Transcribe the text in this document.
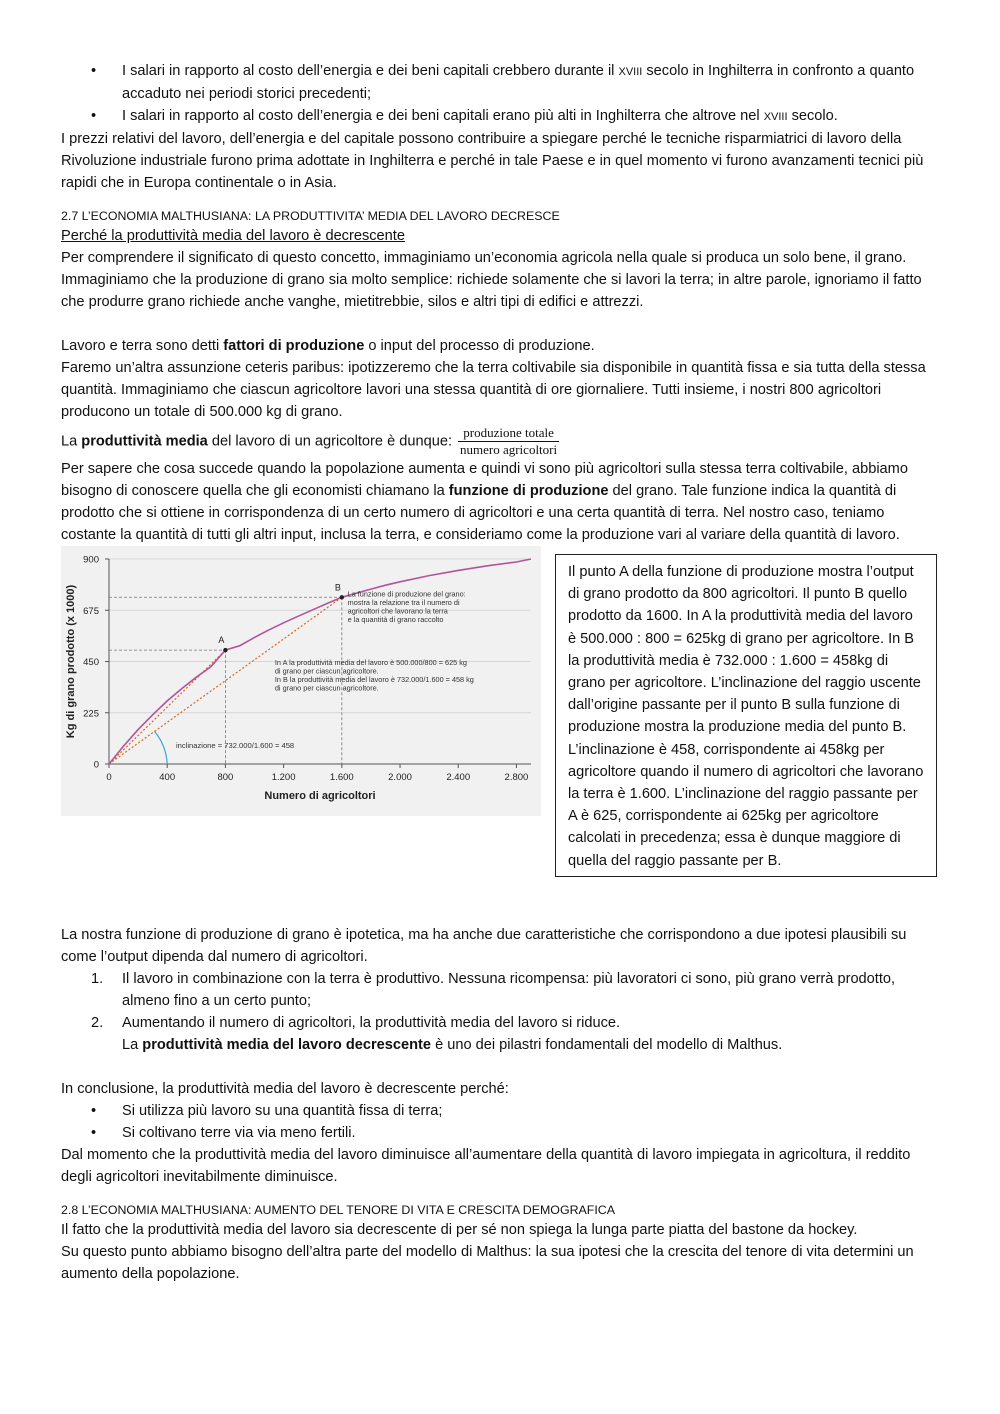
• I salari in rapporto al costo dell’energia e dei beni capitali crebbero durante il XVIII secolo in Inghilterra in confronto a quanto accaduto nei periodi storici precedenti;
• I salari in rapporto al costo dell’energia e dei beni capitali erano più alti in Inghilterra che altrove nel XVIII secolo.

I prezzi relativi del lavoro, dell’energia e del capitale possono contribuire a spiegare perché le tecniche risparmiatrici di lavoro della Rivoluzione industriale furono prima adottate in Inghilterra e perché in tale Paese e in quel momento vi furono avanzamenti tecnici più rapidi che in Europa continentale o in Asia.

2.7 L’ECONOMIA MALTHUSIANA: LA PRODUTTIVITA’ MEDIA DEL LAVORO DECRESCE

Perché la produttività media del lavoro è decrescente

Per comprendere il significato di questo concetto, immaginiamo un’economia agricola nella quale si produca un solo bene, il grano. Immaginiamo che la produzione di grano sia molto semplice: richiede solamente che si lavori la terra; in altre parole, ignoriamo il fatto che produrre grano richiede anche vanghe, mietitrebbie, silos e altri tipi di edifici e attrezzi.

Lavoro e terra sono detti fattori di produzione o input del processo di produzione.

Faremo un’altra assunzione ceteris paribus: ipotizzeremo che la terra coltivabile sia disponibile in quantità fissa e sia tutta della stessa quantità. Immaginiamo che ciascun agricoltore lavori una stessa quantità di ore giornaliere. Tutti insieme, i nostri 800 agricoltori producono un totale di 500.000 kg di grano.

La produttività media del lavoro di un agricoltore è dunque: $\frac{\text{produzione totale}}{\text{numero agricoltori}}$

Per sapere che cosa succede quando la popolazione aumenta e quindi vi sono più agricoltori sulla stessa terra coltivabile, abbiamo bisogno di conoscere quella che gli economisti chiamano la funzione di produzione del grano. Tale funzione indica la quantità di prodotto che si ottiene in corrispondenza di un certo numero di agricoltori e una certa quantità di terra. Nel nostro caso, teniamo costante la quantità di tutti gli altri input, inclusa la terra, e consideriamo come la produzione vari al variare della quantità di lavoro.

0	400	800	1.200	1.600	2.000	2.400	2.800
0
225
450
675
900
Numero di agricoltori
Kg di grano prodotto (x 1000)	A
B
La funzione di produzione del grano:
mostra la relazione tra il numero di
agricoltori che lavorano la terra
e la quantità di grano raccolto
In A la produttività media del lavoro è 500.000/800 = 625 kg
di grano per ciascun agricoltore.
In B la produttività media del lavoro è 732.000/1.600 = 458 kg
di grano per ciascun agricoltore.
inclinazione = 732.000/1.600 = 458
Il punto A della funzione di produzione mostra l’output di grano prodotto da 800 agricoltori. Il punto B quello prodotto da 1600. In A la produttività media del lavoro è 500.000 : 800 = 625kg di grano per agricoltore. In B la produttività media è 732.000 : 1.600 = 458kg di grano per agricoltore. L’inclinazione del raggio uscente dall’origine passante per il punto B sulla funzione di produzione mostra la produzione media del punto B. L’inclinazione è 458, corrispondente ai 458kg per agricoltore quando il numero di agricoltori che lavorano la terra è 1.600. L’inclinazione del raggio passante per A è 625, corrispondente ai 625kg per agricoltore calcolati in precedenza; essa è dunque maggiore di quella del raggio passante per B.

La nostra funzione di produzione di grano è ipotetica, ma ha anche due caratteristiche che corrispondono a due ipotesi plausibili su come l’output dipenda dal numero di agricoltori.

1. Il lavoro in combinazione con la terra è produttivo. Nessuna ricompensa: più lavoratori ci sono, più grano verrà prodotto, almeno fino a un certo punto;
2. Aumentando il numero di agricoltori, la produttività media del lavoro si riduce.

La produttività media del lavoro decrescente è uno dei pilastri fondamentali del modello di Malthus.

In conclusione, la produttività media del lavoro è decrescente perché:

• Si utilizza più lavoro su una quantità fissa di terra;
• Si coltivano terre via via meno fertili.

Dal momento che la produttività media del lavoro diminuisce all’aumentare della quantità di lavoro impiegata in agricoltura, il reddito degli agricoltori inevitabilmente diminuisce.

2.8 L’ECONOMIA MALTHUSIANA: AUMENTO DEL TENORE DI VITA E CRESCITA DEMOGRAFICA

Il fatto che la produttività media del lavoro sia decrescente di per sé non spiega la lunga parte piatta del bastone da hockey.

Su questo punto abbiamo bisogno dell’altra parte del modello di Malthus: la sua ipotesi che la crescita del tenore di vita determini un aumento della popolazione.
